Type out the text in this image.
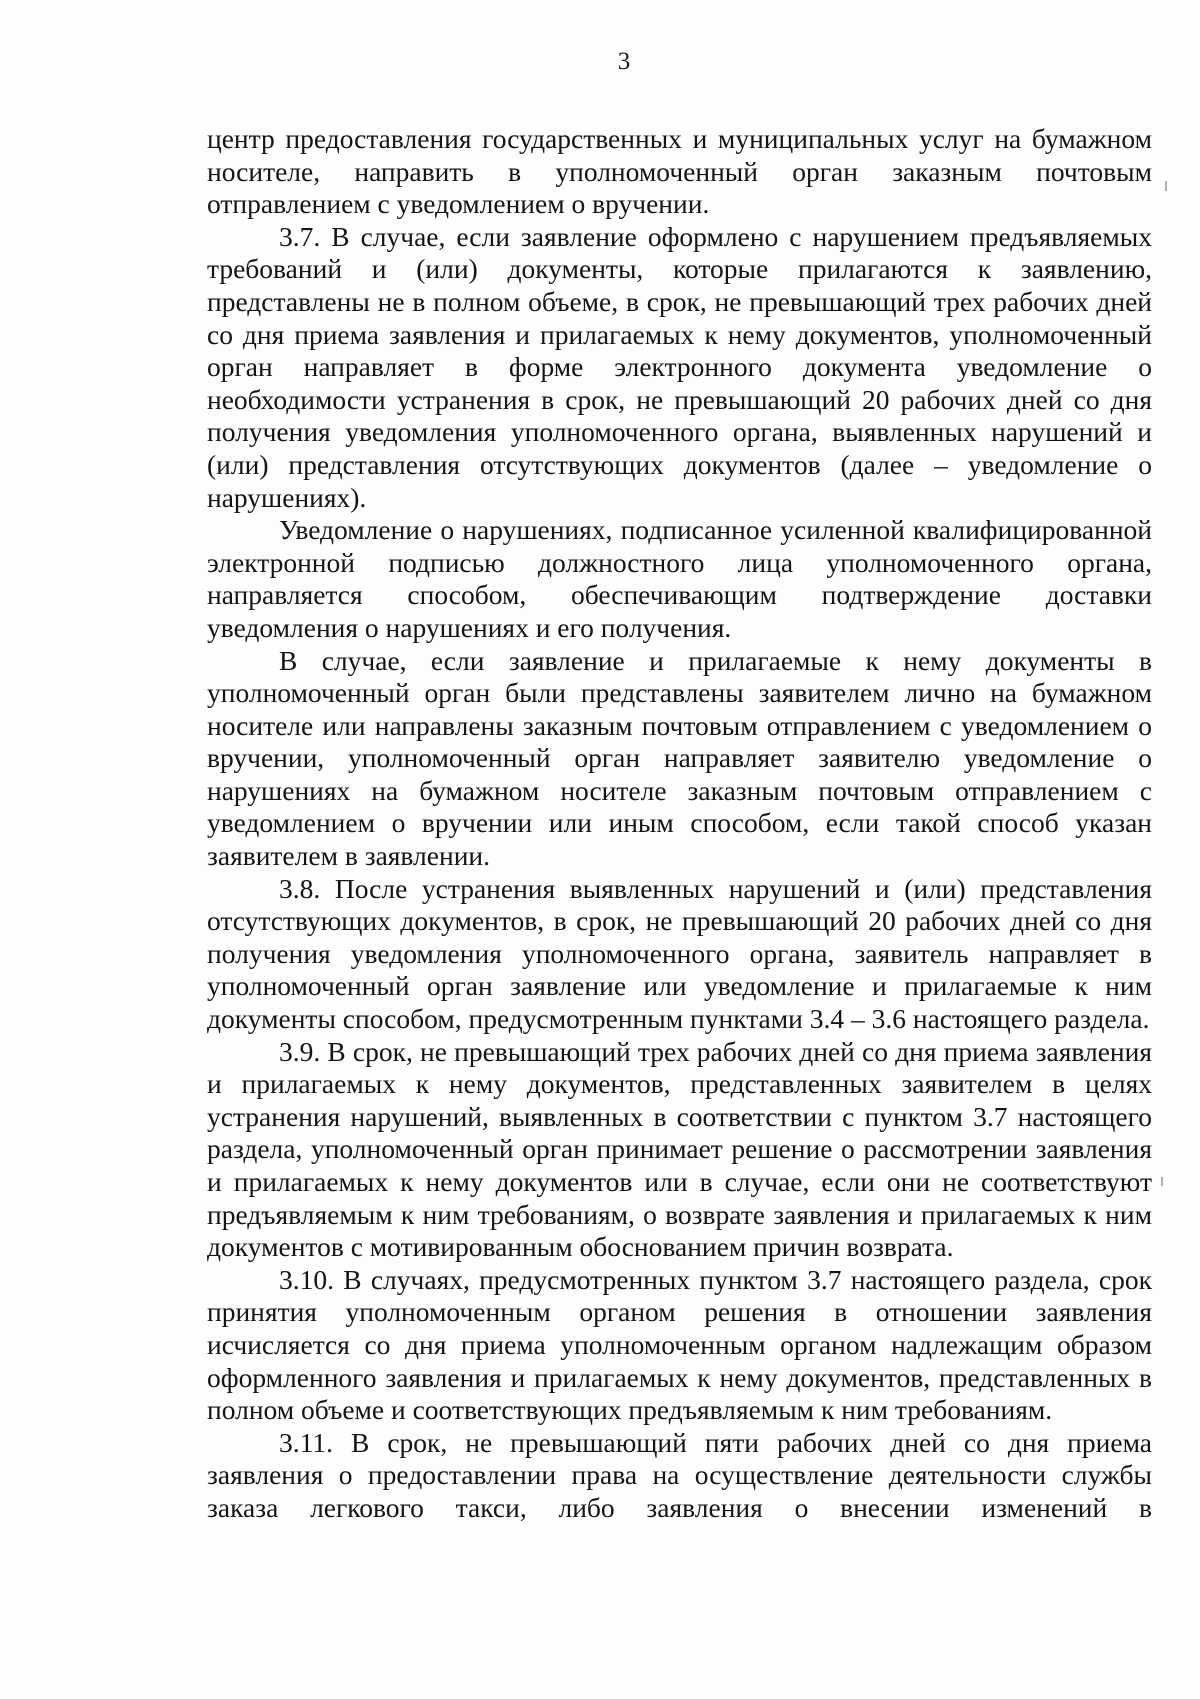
3

центр предоставления государственных и муниципальных услуг на бумажном носителе, направить в уполномоченный орган заказным почтовым отправлением с уведомлением о вручении.

3.7. В случае, если заявление оформлено с нарушением предъявляемых требований и (или) документы, которые прилагаются к заявлению, представлены не в полном объеме, в срок, не превышающий трех рабочих дней со дня приема заявления и прилагаемых к нему документов, уполномоченный орган направляет в форме электронного документа уведомление о необходимости устранения в срок, не превышающий 20 рабочих дней со дня получения уведомления уполномоченного органа, выявленных нарушений и (или) представления отсутствующих документов (далее – уведомление о нарушениях).

Уведомление о нарушениях, подписанное усиленной квалифицированной электронной подписью должностного лица уполномоченного органа, направляется способом, обеспечивающим подтверждение доставки уведомления о нарушениях и его получения.

В случае, если заявление и прилагаемые к нему документы в уполномоченный орган были представлены заявителем лично на бумажном носителе или направлены заказным почтовым отправлением с уведомлением о вручении, уполномоченный орган направляет заявителю уведомление о нарушениях на бумажном носителе заказным почтовым отправлением с уведомлением о вручении или иным способом, если такой способ указан заявителем в заявлении.

3.8. После устранения выявленных нарушений и (или) представления отсутствующих документов, в срок, не превышающий 20 рабочих дней со дня получения уведомления уполномоченного органа, заявитель направляет в уполномоченный орган заявление или уведомление и прилагаемые к ним документы способом, предусмотренным пунктами 3.4 – 3.6 настоящего раздела.

3.9. В срок, не превышающий трех рабочих дней со дня приема заявления и прилагаемых к нему документов, представленных заявителем в целях устранения нарушений, выявленных в соответствии с пунктом 3.7 настоящего раздела, уполномоченный орган принимает решение о рассмотрении заявления и прилагаемых к нему документов или в случае, если они не соответствуют предъявляемым к ним требованиям, о возврате заявления и прилагаемых к ним документов с мотивированным обоснованием причин возврата.

3.10. В случаях, предусмотренных пунктом 3.7 настоящего раздела, срок принятия уполномоченным органом решения в отношении заявления исчисляется со дня приема уполномоченным органом надлежащим образом оформленного заявления и прилагаемых к нему документов, представленных в полном объеме и соответствующих предъявляемым к ним требованиям.

3.11. В срок, не превышающий пяти рабочих дней со дня приема заявления о предоставлении права на осуществление деятельности службы заказа легкового такси, либо заявления о внесении изменений в
